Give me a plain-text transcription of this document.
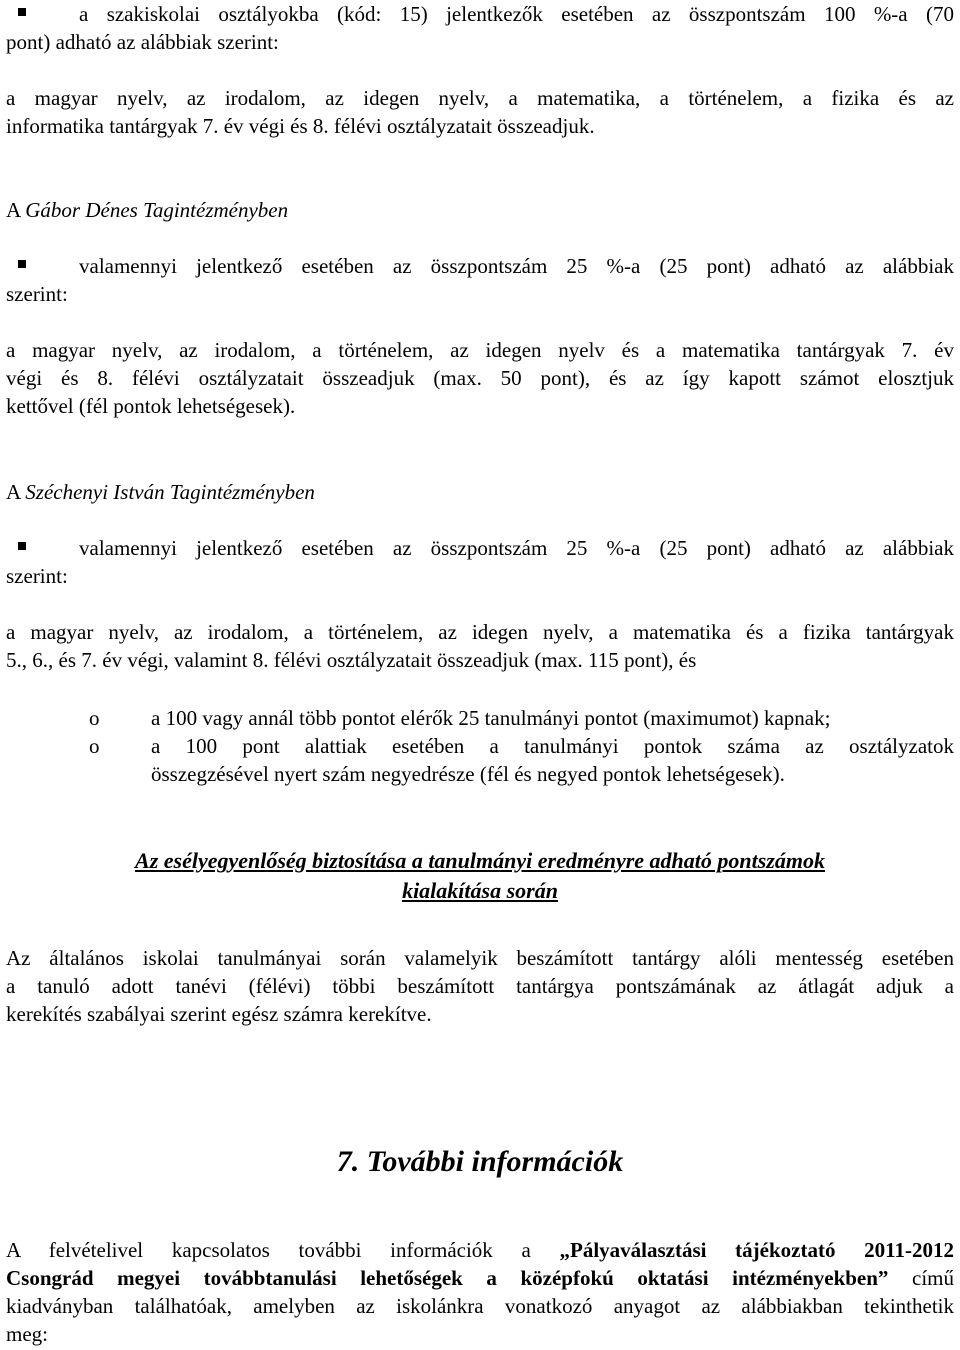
a szakiskolai osztályokba (kód: 15) jelentkezők esetében az összpontszám 100 %-a (70
pont) adható az alábbiak szerint:
a magyar nyelv, az irodalom, az idegen nyelv, a matematika, a történelem, a fizika és az
informatika tantárgyak 7. év végi és 8. félévi osztályzatait összeadjuk.
A Gábor Dénes Tagintézményben
valamennyi jelentkező esetében az összpontszám 25 %-a (25 pont) adható az alábbiak
szerint:
a magyar nyelv, az irodalom, a történelem, az idegen nyelv és a matematika tantárgyak 7. év
végi és 8. félévi osztályzatait összeadjuk (max. 50 pont), és az így kapott számot elosztjuk
kettővel (fél pontok lehetségesek).
A Széchenyi István Tagintézményben
valamennyi jelentkező esetében az összpontszám 25 %-a (25 pont) adható az alábbiak
szerint:
a magyar nyelv, az irodalom, a történelem, az idegen nyelv, a matematika és a fizika tantárgyak
5., 6., és 7. év végi, valamint 8. félévi osztályzatait összeadjuk (max. 115 pont), és
o a 100 vagy annál több pontot elérők 25 tanulmányi pontot (maximumot) kapnak;
o a 100 pont alattiak esetében a tanulmányi pontok száma az osztályzatok
összegzésével nyert szám negyedrésze (fél és negyed pontok lehetségesek).
Az esélyegyenlőség biztosítása a tanulmányi eredményre adható pontszámok
kialakítása során
Az általános iskolai tanulmányai során valamelyik beszámított tantárgy alóli mentesség esetében
a tanuló adott tanévi (félévi) többi beszámított tantárgya pontszámának az átlagát adjuk a
kerekítés szabályai szerint egész számra kerekítve.
7. További információk
A felvételivel kapcsolatos további információk a „Pályaválasztási tájékoztató 2011-2012
Csongrád megyei továbbtanulási lehetőségek a középfokú oktatási intézményekben” című
kiadványban találhatóak, amelyben az iskolánkra vonatkozó anyagot az alábbiakban tekinthetik
meg:
